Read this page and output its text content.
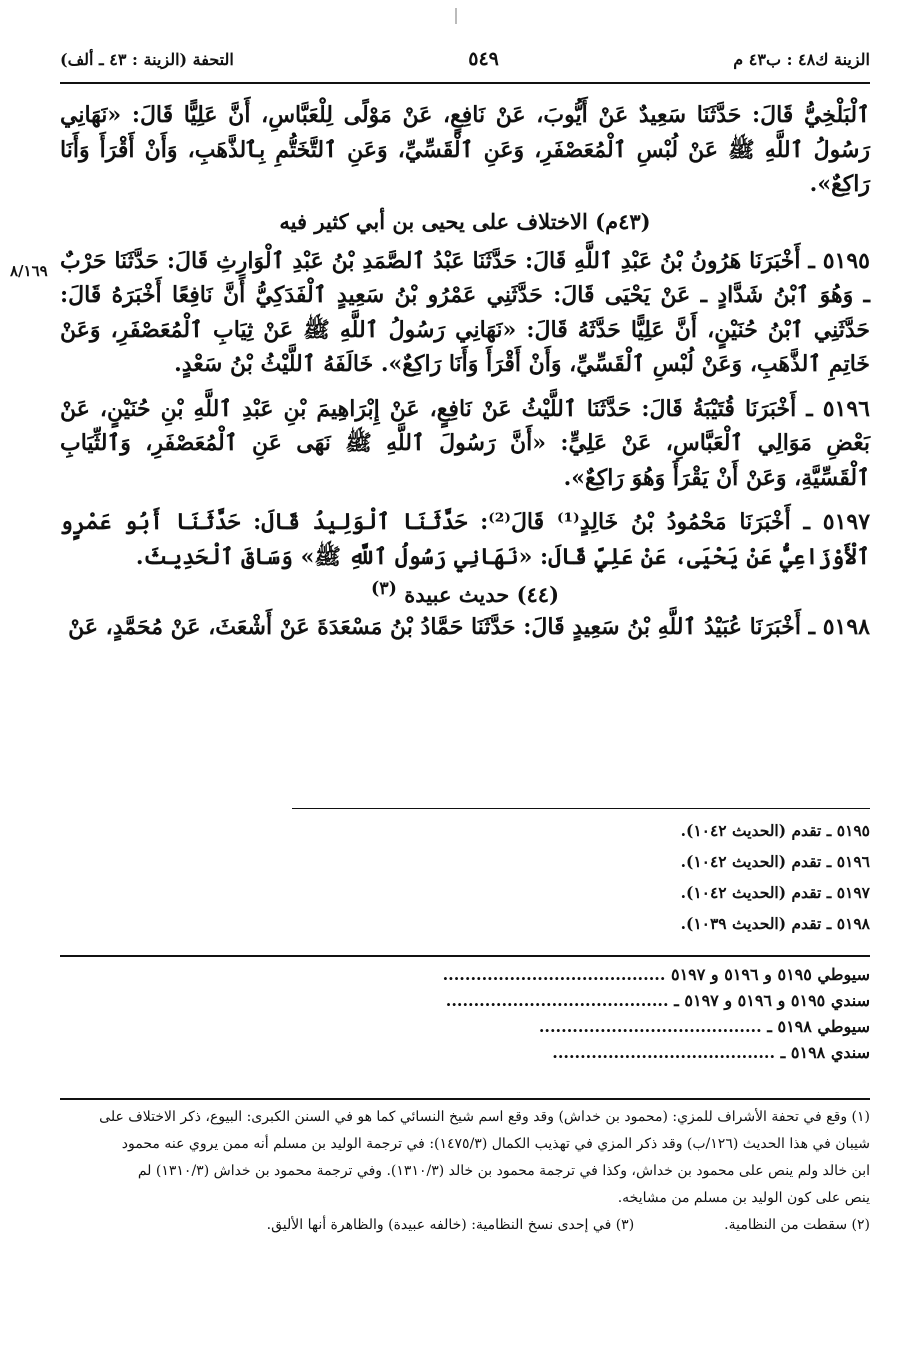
الزينة ك٤٨ : ب٤٣ م
٥٤٩
التحفة (الزينة : ٤٣ ـ ألف)
٨/١٦٩

ٱلْبَلْخِيُّ قَالَ: حَدَّثَنَا سَعِيدٌ عَنْ أَيُّوبَ، عَنْ نَافِعٍ، عَنْ مَوْلًى لِلْعَبَّاسِ، أَنَّ عَلِيًّا قَالَ: «نَهَانِي رَسُولُ ٱللَّهِ ﷺ عَنْ لُبْسِ ٱلْمُعَصْفَرِ، وَعَنِ ٱلْقَسِّيِّ، وَعَنِ ٱلتَّخَتُّمِ بِٱلذَّهَبِ، وَأَنْ أَقْرَأَ وَأَنَا رَاكِعٌ».

(٤٣م) الاختلاف على يحيى بن أبي كثير فيه

٥١٩٥ ـ أَخْبَرَنَا هَرُونُ بْنُ عَبْدِ ٱللَّهِ قَالَ: حَدَّثَنَا عَبْدُ ٱلصَّمَدِ بْنُ عَبْدِ ٱلْوَارِثِ قَالَ: حَدَّثَنَا حَرْبٌ ـ وَهُوَ ٱبْنُ شَدَّادٍ ـ عَنْ يَحْيَى قَالَ: حَدَّثَنِي عَمْرُو بْنُ سَعِيدٍ ٱلْفَدَكِيُّ أَنَّ نَافِعًا أَخْبَرَهُ قَالَ: حَدَّثَنِي ٱبْنُ حُنَيْنٍ، أَنَّ عَلِيًّا حَدَّثَهُ قَالَ: «نَهَانِي رَسُولُ ٱللَّهِ ﷺ عَنْ ثِيَابِ ٱلْمُعَصْفَرِ، وَعَنْ خَاتِمِ ٱلذَّهَبِ، وَعَنْ لُبْسِ ٱلْقَسِّيِّ، وَأَنْ أَقْرَأَ وَأَنَا رَاكِعٌ». خَالَفَهُ ٱللَّيْثُ بْنُ سَعْدٍ.

٥١٩٦ ـ أَخْبَرَنَا قُتَيْبَةُ قَالَ: حَدَّثَنَا ٱللَّيْثُ عَنْ نَافِعٍ، عَنْ إِبْرَاهِيمَ بْنِ عَبْدِ ٱللَّهِ بْنِ حُنَيْنٍ، عَنْ بَعْضِ مَوَالِي ٱلْعَبَّاسِ، عَنْ عَلِيٍّ: «أَنَّ رَسُولَ ٱللَّهِ ﷺ نَهَى عَنِ ٱلْمُعَصْفَرِ، وَٱلثِّيَابِ ٱلْقَسِّيَّةِ، وَعَنْ أَنْ يَقْرَأَ وَهُوَ رَاكِعٌ».

٥١٩٧ ـ أَخْبَرَنَا مَحْمُودُ بْنُ خَالِدٍ⁽¹⁾ قَالَ⁽²⁾: حَدَّثَنَا ٱلْوَلِيدُ قَالَ: حَدَّثَنَا أَبُو عَمْرٍو ٱلْأَوْزَاعِيُّ عَنْ يَحْيَى، عَنْ عَلِيٍّ قَالَ: «نَهَانِي رَسُولُ ٱللَّهِ ﷺ» وَسَاقَ ٱلْحَدِيثَ.

(٤٤) حديث عبيدة $^{(٣)}$

٥١٩٨ ـ أَخْبَرَنَا عُبَيْدُ ٱللَّهِ بْنُ سَعِيدٍ قَالَ: حَدَّثَنَا حَمَّادُ بْنُ مَسْعَدَةَ عَنْ أَشْعَثَ، عَنْ مُحَمَّدٍ، عَنْ

٥١٩٥ ـ تقدم (الحديث ١٠٤٢).
٥١٩٦ ـ تقدم (الحديث ١٠٤٢).
٥١٩٧ ـ تقدم (الحديث ١٠٤٢).
٥١٩٨ ـ تقدم (الحديث ١٠٣٩).
سيوطي ٥١٩٥ و ٥١٩٦ و ٥١٩٧ ........................................
سندي ٥١٩٥ و ٥١٩٦ و ٥١٩٧ ـ ........................................
سيوطي ٥١٩٨ ـ ........................................
سندي ٥١٩٨ ـ ........................................
(١) وقع في تحفة الأشراف للمزي: (محمود بن خداش) وقد وقع اسم شيخ النسائي كما هو في السنن الكبرى: البيوع، ذكر الاختلاف على
شيبان في هذا الحديث (١٢٦/ب) وقد ذكر المزي في تهذيب الكمال (١٤٧٥/٣): في ترجمة الوليد بن مسلم أنه ممن يروي عنه محمود
ابن خالد ولم ينص على محمود بن خداش، وكذا في ترجمة محمود بن خالد (١٣١٠/٣). وفي ترجمة محمود بن خداش (١٣١٠/٣) لم
ينص على كون الوليد بن مسلم من مشايخه.
(٢) سقطت من النظامية.
(٣) في إحدى نسخ النظامية: (خالفه عبيدة) والظاهرة أنها الأليق.
